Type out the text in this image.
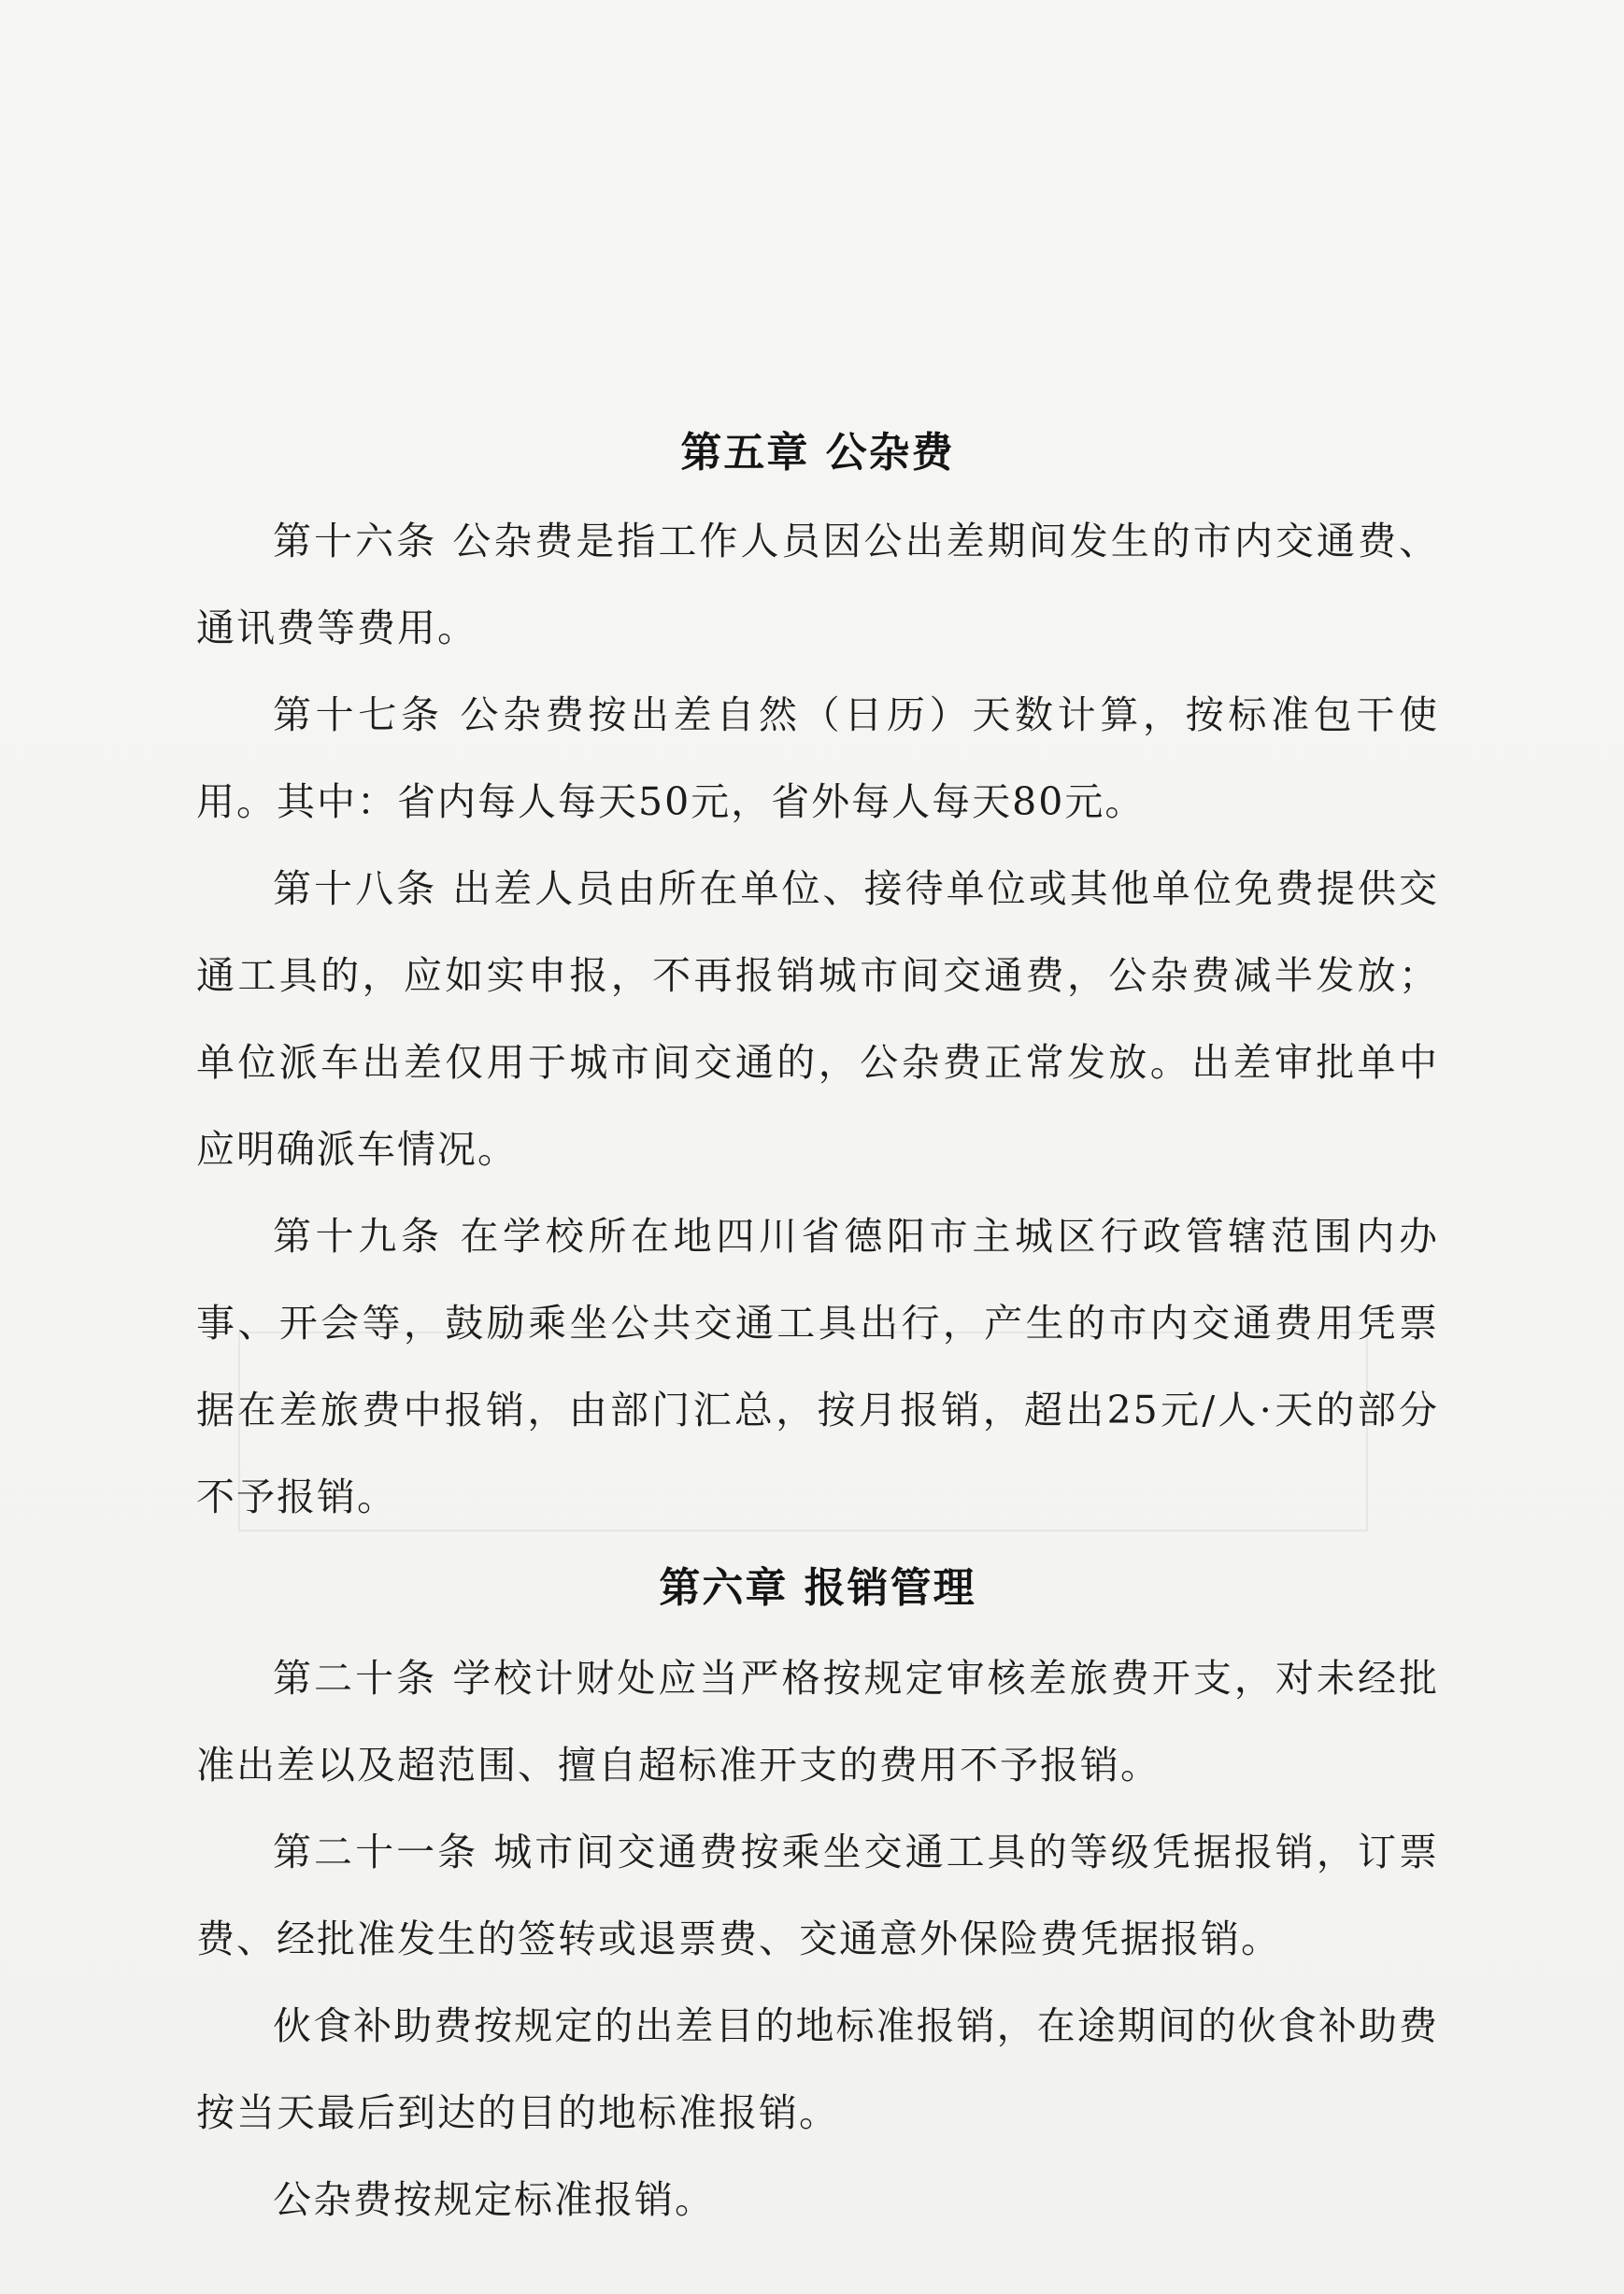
第五章 公杂费

第十六条 公杂费是指工作人员因公出差期间发生的市内交通费、通讯费等费用。

第十七条 公杂费按出差自然（日历）天数计算，按标准包干使用。其中：省内每人每天50元，省外每人每天80元。

第十八条 出差人员由所在单位、接待单位或其他单位免费提供交通工具的，应如实申报，不再报销城市间交通费，公杂费减半发放；单位派车出差仅用于城市间交通的，公杂费正常发放。出差审批单中应明确派车情况。

第十九条 在学校所在地四川省德阳市主城区行政管辖范围内办事、开会等，鼓励乘坐公共交通工具出行，产生的市内交通费用凭票据在差旅费中报销，由部门汇总，按月报销，超出25元/人·天的部分不予报销。

第六章 报销管理

第二十条 学校计财处应当严格按规定审核差旅费开支，对未经批准出差以及超范围、擅自超标准开支的费用不予报销。

第二十一条 城市间交通费按乘坐交通工具的等级凭据报销，订票费、经批准发生的签转或退票费、交通意外保险费凭据报销。

伙食补助费按规定的出差目的地标准报销，在途期间的伙食补助费按当天最后到达的目的地标准报销。

公杂费按规定标准报销。
